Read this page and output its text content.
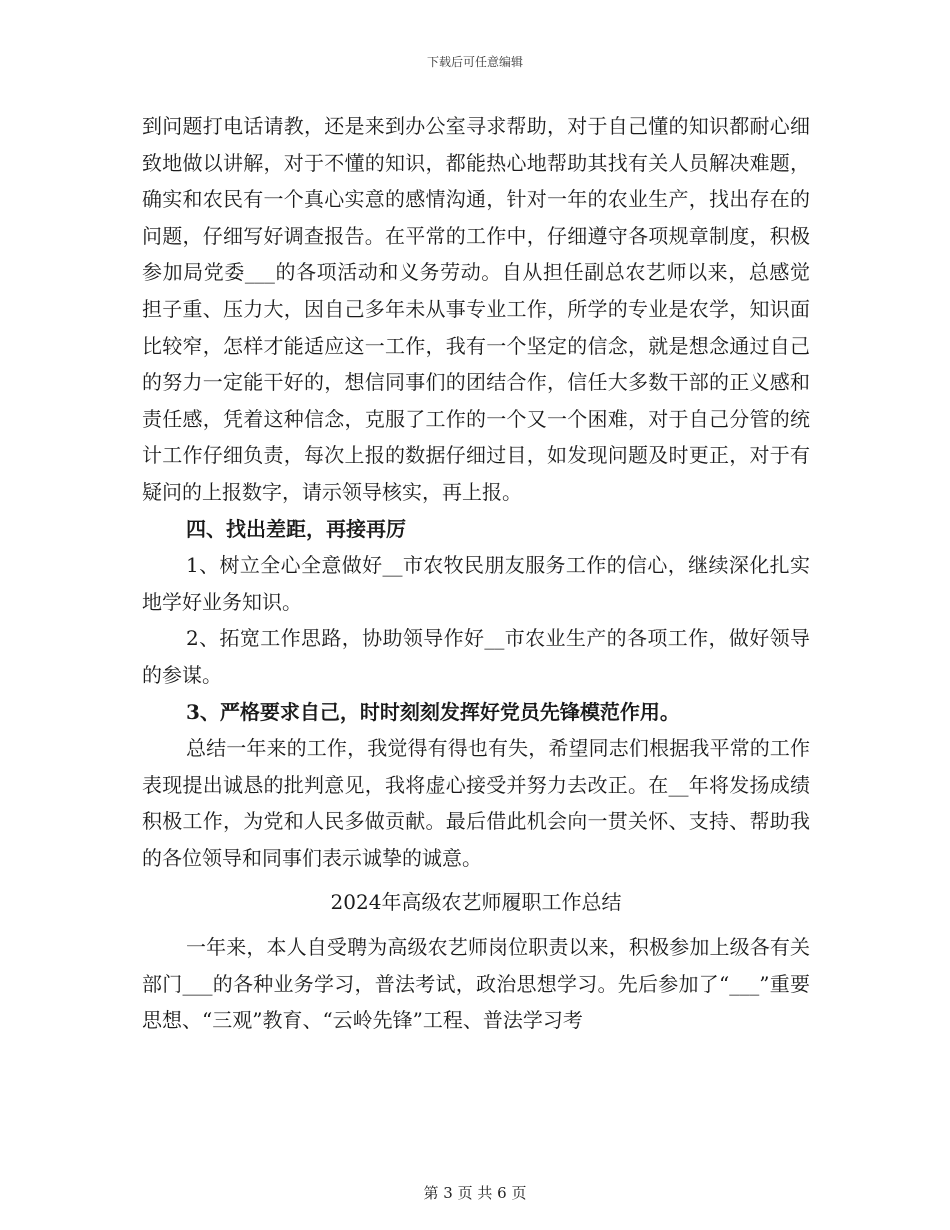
下载后可任意编辑

到问题打电话请教，还是来到办公室寻求帮助，对于自己懂的知识都耐心细致地做以讲解，对于不懂的知识，都能热心地帮助其找有关人员解决难题，确实和农民有一个真心实意的感情沟通，针对一年的农业生产，找出存在的问题，仔细写好调查报告。在平常的工作中，仔细遵守各项规章制度，积极参加局党委___的各项活动和义务劳动。自从担任副总农艺师以来，总感觉担子重、压力大，因自己多年未从事专业工作，所学的专业是农学，知识面比较窄，怎样才能适应这一工作，我有一个坚定的信念，就是想念通过自己的努力一定能干好的，想信同事们的团结合作，信任大多数干部的正义感和责任感，凭着这种信念，克服了工作的一个又一个困难，对于自己分管的统计工作仔细负责，每次上报的数据仔细过目，如发现问题及时更正，对于有疑问的上报数字，请示领导核实，再上报。

四、找出差距，再接再厉

1、树立全心全意做好__市农牧民朋友服务工作的信心，继续深化扎实地学好业务知识。

2、拓宽工作思路，协助领导作好__市农业生产的各项工作，做好领导的参谋。

3、严格要求自己，时时刻刻发挥好党员先锋模范作用。

总结一年来的工作，我觉得有得也有失，希望同志们根据我平常的工作表现提出诚恳的批判意见，我将虚心接受并努力去改正。在__年将发扬成绩积极工作，为党和人民多做贡献。最后借此机会向一贯关怀、支持、帮助我的各位领导和同事们表示诚挚的诚意。

2024年高级农艺师履职工作总结

一年来，本人自受聘为高级农艺师岗位职责以来，积极参加上级各有关部门___的各种业务学习，普法考试，政治思想学习。先后参加了“___”重要思想、“三观”教育、“云岭先锋”工程、普法学习考

第 3 页 共 6 页
